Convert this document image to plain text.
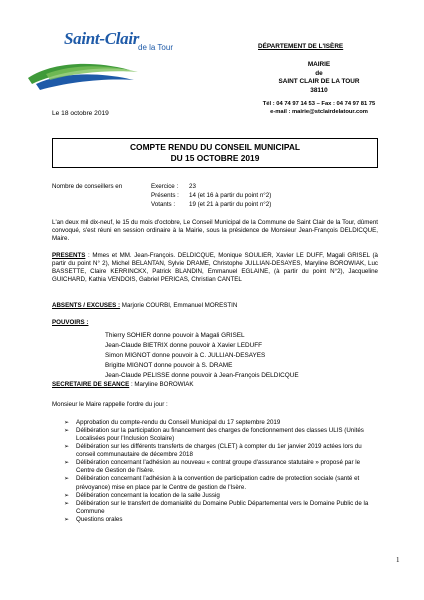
Saint-Clair
de la Tour	DÉPARTEMENT DE L'ISÈRE
MAIRIE
de
SAINT CLAIR DE LA TOUR
38110
Tél : 04 74 97 14 53 – Fax : 04 74 97 81 75
e-mail : mairie@stclairdelatour.com
Le 18 octobre 2019
COMPTE RENDU DU CONSEIL MUNICIPAL
DU 15 OCTOBRE 2019
Nombre de conseillers en	Exercice : 23
Présents : 14 (et 16 à partir du point n°2)
Votants : 19 (et 21 à partir du point n°2)
L'an deux mil dix-neuf, le 15 du mois d'octobre, Le Conseil Municipal de la Commune de Saint Clair de la Tour, dûment convoqué, s'est réuni en session ordinaire à la Mairie, sous la présidence de Monsieur Jean-François DELDICQUE, Maire.
PRESENTS : Mmes et MM. Jean-François. DELDICQUE, Monique SOULIER, Xavier LE DUFF, Magali GRISEL (à partir du point N° 2), Michel BELANTAN, Sylvie DRAME, Christophe JULLIAN-DESAYES, Maryline BOROWIAK, Luc BASSETTE, Claire KERRINCKX, Patrick BLANDIN, Emmanuel EGLAINE, (à partir du point N°2), Jacqueline GUICHARD, Kathia VENDOIS, Gabriel PERICAS, Christian CANTEL
ABSENTS / EXCUSES : Marjorie COURBI, Emmanuel MORESTIN
POUVOIRS :
Thierry SOHIER donne pouvoir à Magali GRISEL
Jean-Claude BIETRIX donne pouvoir à Xavier LEDUFF
Simon MIGNOT donne pouvoir à C. JULLIAN-DESAYES
Brigitte MIGNOT donne pouvoir à S. DRAME
Jean-Claude PELISSE donne pouvoir à Jean-François DELDICQUE
SECRETAIRE DE SEANCE : Maryline BOROWIAK
Monsieur le Maire rappelle l'ordre du jour :
➢ Approbation du compte-rendu du Conseil Municipal du 17 septembre 2019
➢ Délibération sur la participation au financement des charges de fonctionnement des classes ULIS (Unités Localisées pour l'Inclusion Scolaire)
➢ Délibération sur les différents transferts de charges (CLET) à compter du 1er janvier 2019 actées lors du conseil communautaire de décembre 2018
➢ Délibération concernant l'adhésion au nouveau « contrat groupe d'assurance statutaire » proposé par le Centre de Gestion de l'Isère.
➢ Délibération concernant l'adhésion à la convention de participation cadre de protection sociale (santé et prévoyance) mise en place par le Centre de gestion de l'Isère.
➢ Délibération concernant la location de la salle Jussig
➢ Délibération sur le transfert de domanialité du Domaine Public Départemental vers le Domaine Public de la Commune
➢ Questions orales
1
